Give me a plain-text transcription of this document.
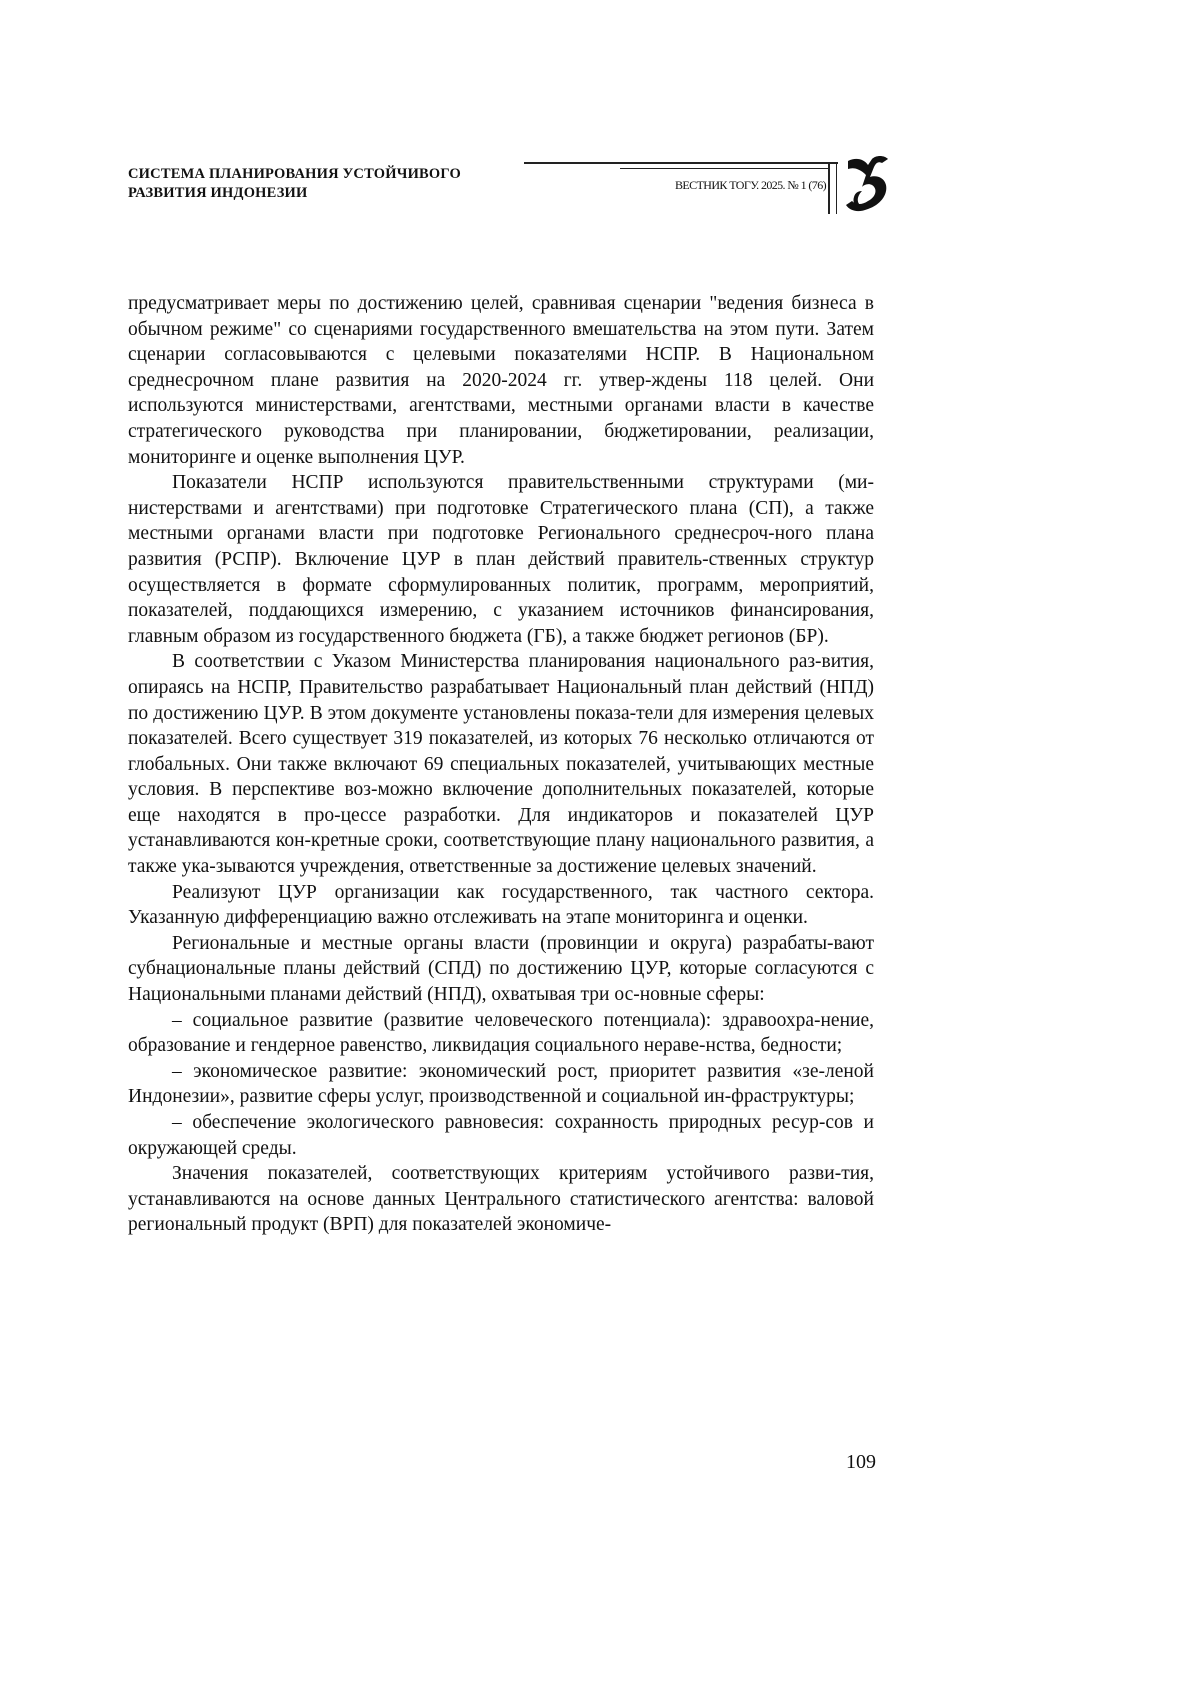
СИСТЕМА ПЛАНИРОВАНИЯ УСТОЙЧИВОГО
РАЗВИТИЯ ИНДОНЕЗИИ	ВЕСТНИК ТОГУ. 2025. № 1 (76)

предусматривает меры по достижению целей, сравнивая сценарии "ведения бизнеса в обычном режиме" со сценариями государственного вмешательства на этом пути. Затем сценарии согласовываются с целевыми показателями НСПР. В Национальном среднесрочном плане развития на 2020-2024 гг. утвер-ждены 118 целей. Они используются министерствами, агентствами, местными органами власти в качестве стратегического руководства при планировании, бюджетировании, реализации, мониторинге и оценке выполнения ЦУР.

Показатели НСПР используются правительственными структурами (ми-нистерствами и агентствами) при подготовке Стратегического плана (СП), а также местными органами власти при подготовке Регионального среднесроч-ного плана развития (РСПР). Включение ЦУР в план действий правитель-ственных структур осуществляется в формате сформулированных политик, программ, мероприятий, показателей, поддающихся измерению, с указанием источников финансирования, главным образом из государственного бюджета (ГБ), а также бюджет регионов (БР).

В соответствии с Указом Министерства планирования национального раз-вития, опираясь на НСПР, Правительство разрабатывает Национальный план действий (НПД) по достижению ЦУР. В этом документе установлены показа-тели для измерения целевых показателей. Всего существует 319 показателей, из которых 76 несколько отличаются от глобальных. Они также включают 69 специальных показателей, учитывающих местные условия. В перспективе воз-можно включение дополнительных показателей, которые еще находятся в про-цессе разработки. Для индикаторов и показателей ЦУР устанавливаются кон-кретные сроки, соответствующие плану национального развития, а также ука-зываются учреждения, ответственные за достижение целевых значений.

Реализуют ЦУР организации как государственного, так частного сектора. Указанную дифференциацию важно отслеживать на этапе мониторинга и оценки.

Региональные и местные органы власти (провинции и округа) разрабаты-вают субнациональные планы действий (СПД) по достижению ЦУР, которые согласуются с Национальными планами действий (НПД), охватывая три ос-новные сферы:

– социальное развитие (развитие человеческого потенциала): здравоохра-нение, образование и гендерное равенство, ликвидация социального нераве-нства, бедности;

– экономическое развитие: экономический рост, приоритет развития «зе-леной Индонезии», развитие сферы услуг, производственной и социальной ин-фраструктуры;

– обеспечение экологического равновесия: сохранность природных ресур-сов и окружающей среды.

Значения показателей, соответствующих критериям устойчивого разви-тия, устанавливаются на основе данных Центрального статистического агентства: валовой региональный продукт (ВРП) для показателей экономиче-

109
